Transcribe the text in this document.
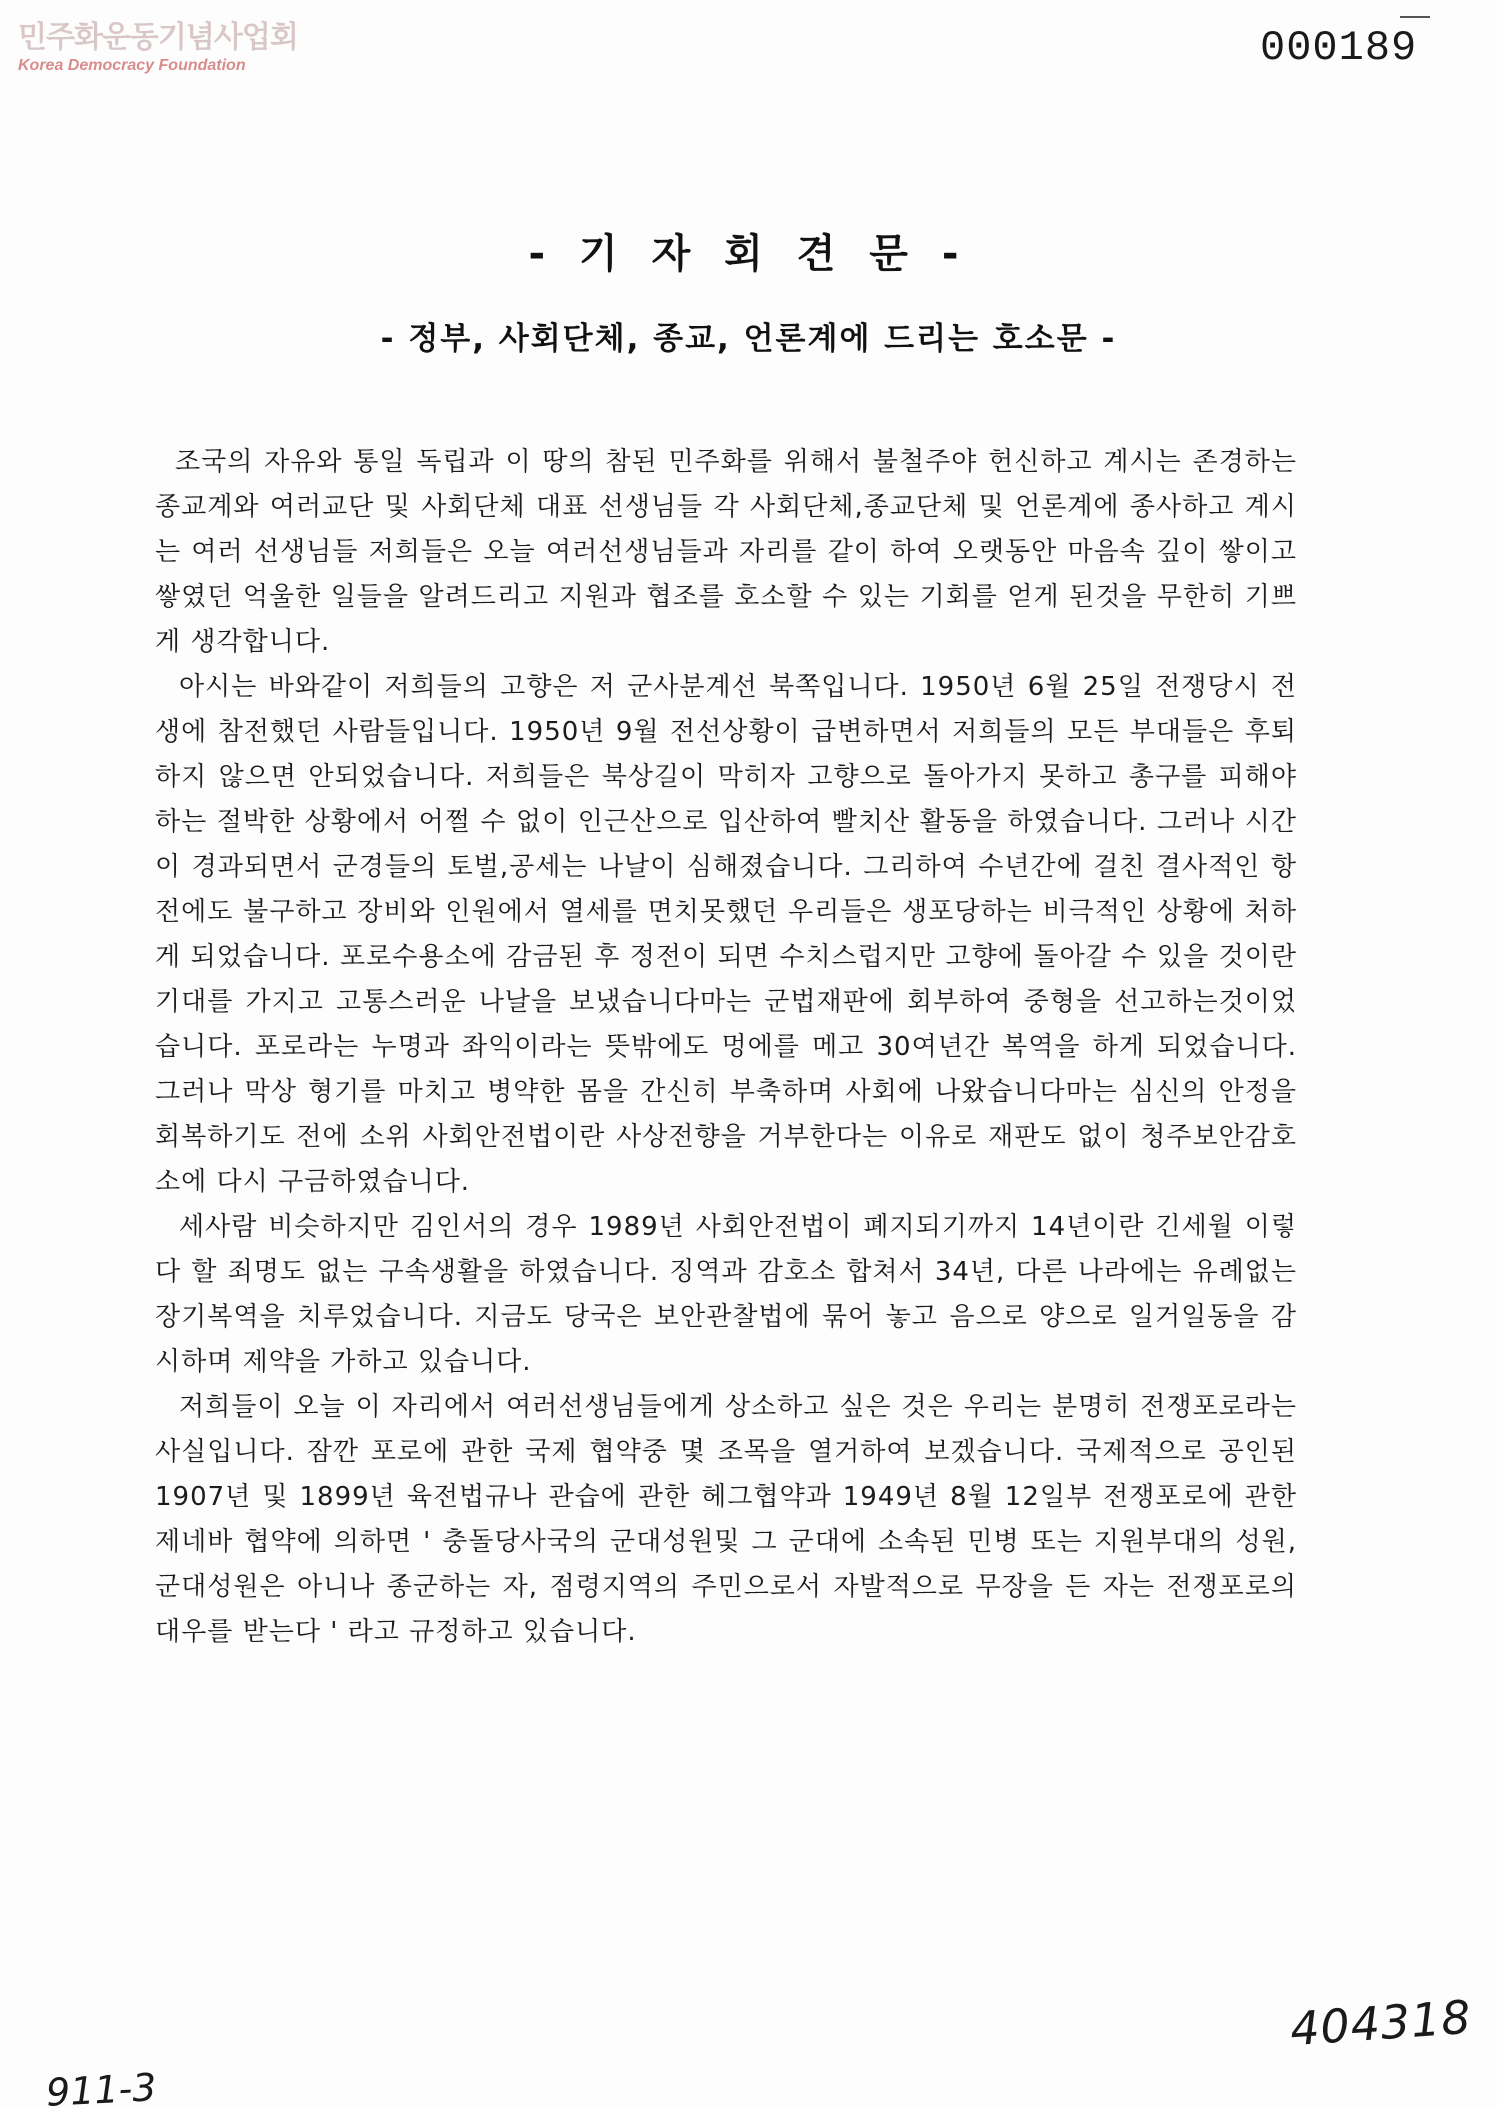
민주화운동기념사업회
Korea Democracy Foundation	000189
- 기 자 회 견 문 -
- 정부, 사회단체, 종교, 언론계에 드리는 호소문 -

조국의 자유와 통일 독립과 이 땅의 참된 민주화를 위해서 불철주야 헌신하고 계시는 존경하는 종교계와 여러교단 및 사회단체 대표 선생님들 각 사회단체,종교단체 및 언론계에 종사하고 계시는 여러 선생님들 저희들은 오늘 여러선생님들과 자리를 같이 하여 오랫동안 마음속 깊이 쌓이고 쌓였던 억울한 일들을 알려드리고 지원과 협조를 호소할 수 있는 기회를 얻게 된것을 무한히 기쁘게 생각합니다.

아시는 바와같이 저희들의 고향은 저 군사분계선 북쪽입니다. 1950년 6월 25일 전쟁당시 전생에 참전했던 사람들입니다. 1950년 9월 전선상황이 급변하면서 저희들의 모든 부대들은 후퇴하지 않으면 안되었습니다. 저희들은 북상길이 막히자 고향으로 돌아가지 못하고 총구를 피해야하는 절박한 상황에서 어쩔 수 없이 인근산으로 입산하여 빨치산 활동을 하였습니다. 그러나 시간이 경과되면서 군경들의 토벌,공세는 나날이 심해졌습니다. 그리하여 수년간에 걸친 결사적인 항전에도 불구하고 장비와 인원에서 열세를 면치못했던 우리들은 생포당하는 비극적인 상황에 처하게 되었습니다. 포로수용소에 감금된 후 정전이 되면 수치스럽지만 고향에 돌아갈 수 있을 것이란 기대를 가지고 고통스러운 나날을 보냈습니다마는 군법재판에 회부하여 중형을 선고하는것이었습니다. 포로라는 누명과 좌익이라는 뜻밖에도 멍에를 메고 30여년간 복역을 하게 되었습니다. 그러나 막상 형기를 마치고 병약한 몸을 간신히 부축하며 사회에 나왔습니다마는 심신의 안정을 회복하기도 전에 소위 사회안전법이란 사상전향을 거부한다는 이유로 재판도 없이 청주보안감호소에 다시 구금하였습니다.

세사람 비슷하지만 김인서의 경우 1989년 사회안전법이 폐지되기까지 14년이란 긴세월 이렇다 할 죄명도 없는 구속생활을 하였습니다. 징역과 감호소 합쳐서 34년, 다른 나라에는 유례없는 장기복역을 치루었습니다. 지금도 당국은 보안관찰법에 묶어 놓고 음으로 양으로 일거일동을 감시하며 제약을 가하고 있습니다.

저희들이 오늘 이 자리에서 여러선생님들에게 상소하고 싶은 것은 우리는 분명히 전쟁포로라는 사실입니다. 잠깐 포로에 관한 국제 협약중 몇 조목을 열거하여 보겠습니다. 국제적으로 공인된 1907년 및 1899년 육전법규나 관습에 관한 헤그협약과 1949년 8월 12일부 전쟁포로에 관한 제네바 협약에 의하면 ' 충돌당사국의 군대성원및 그 군대에 소속된 민병 또는 지원부대의 성원, 군대성원은 아니나 종군하는 자, 점령지역의 주민으로서 자발적으로 무장을 든 자는 전쟁포로의 대우를 받는다 ' 라고 규정하고 있습니다.

404318
911-3
